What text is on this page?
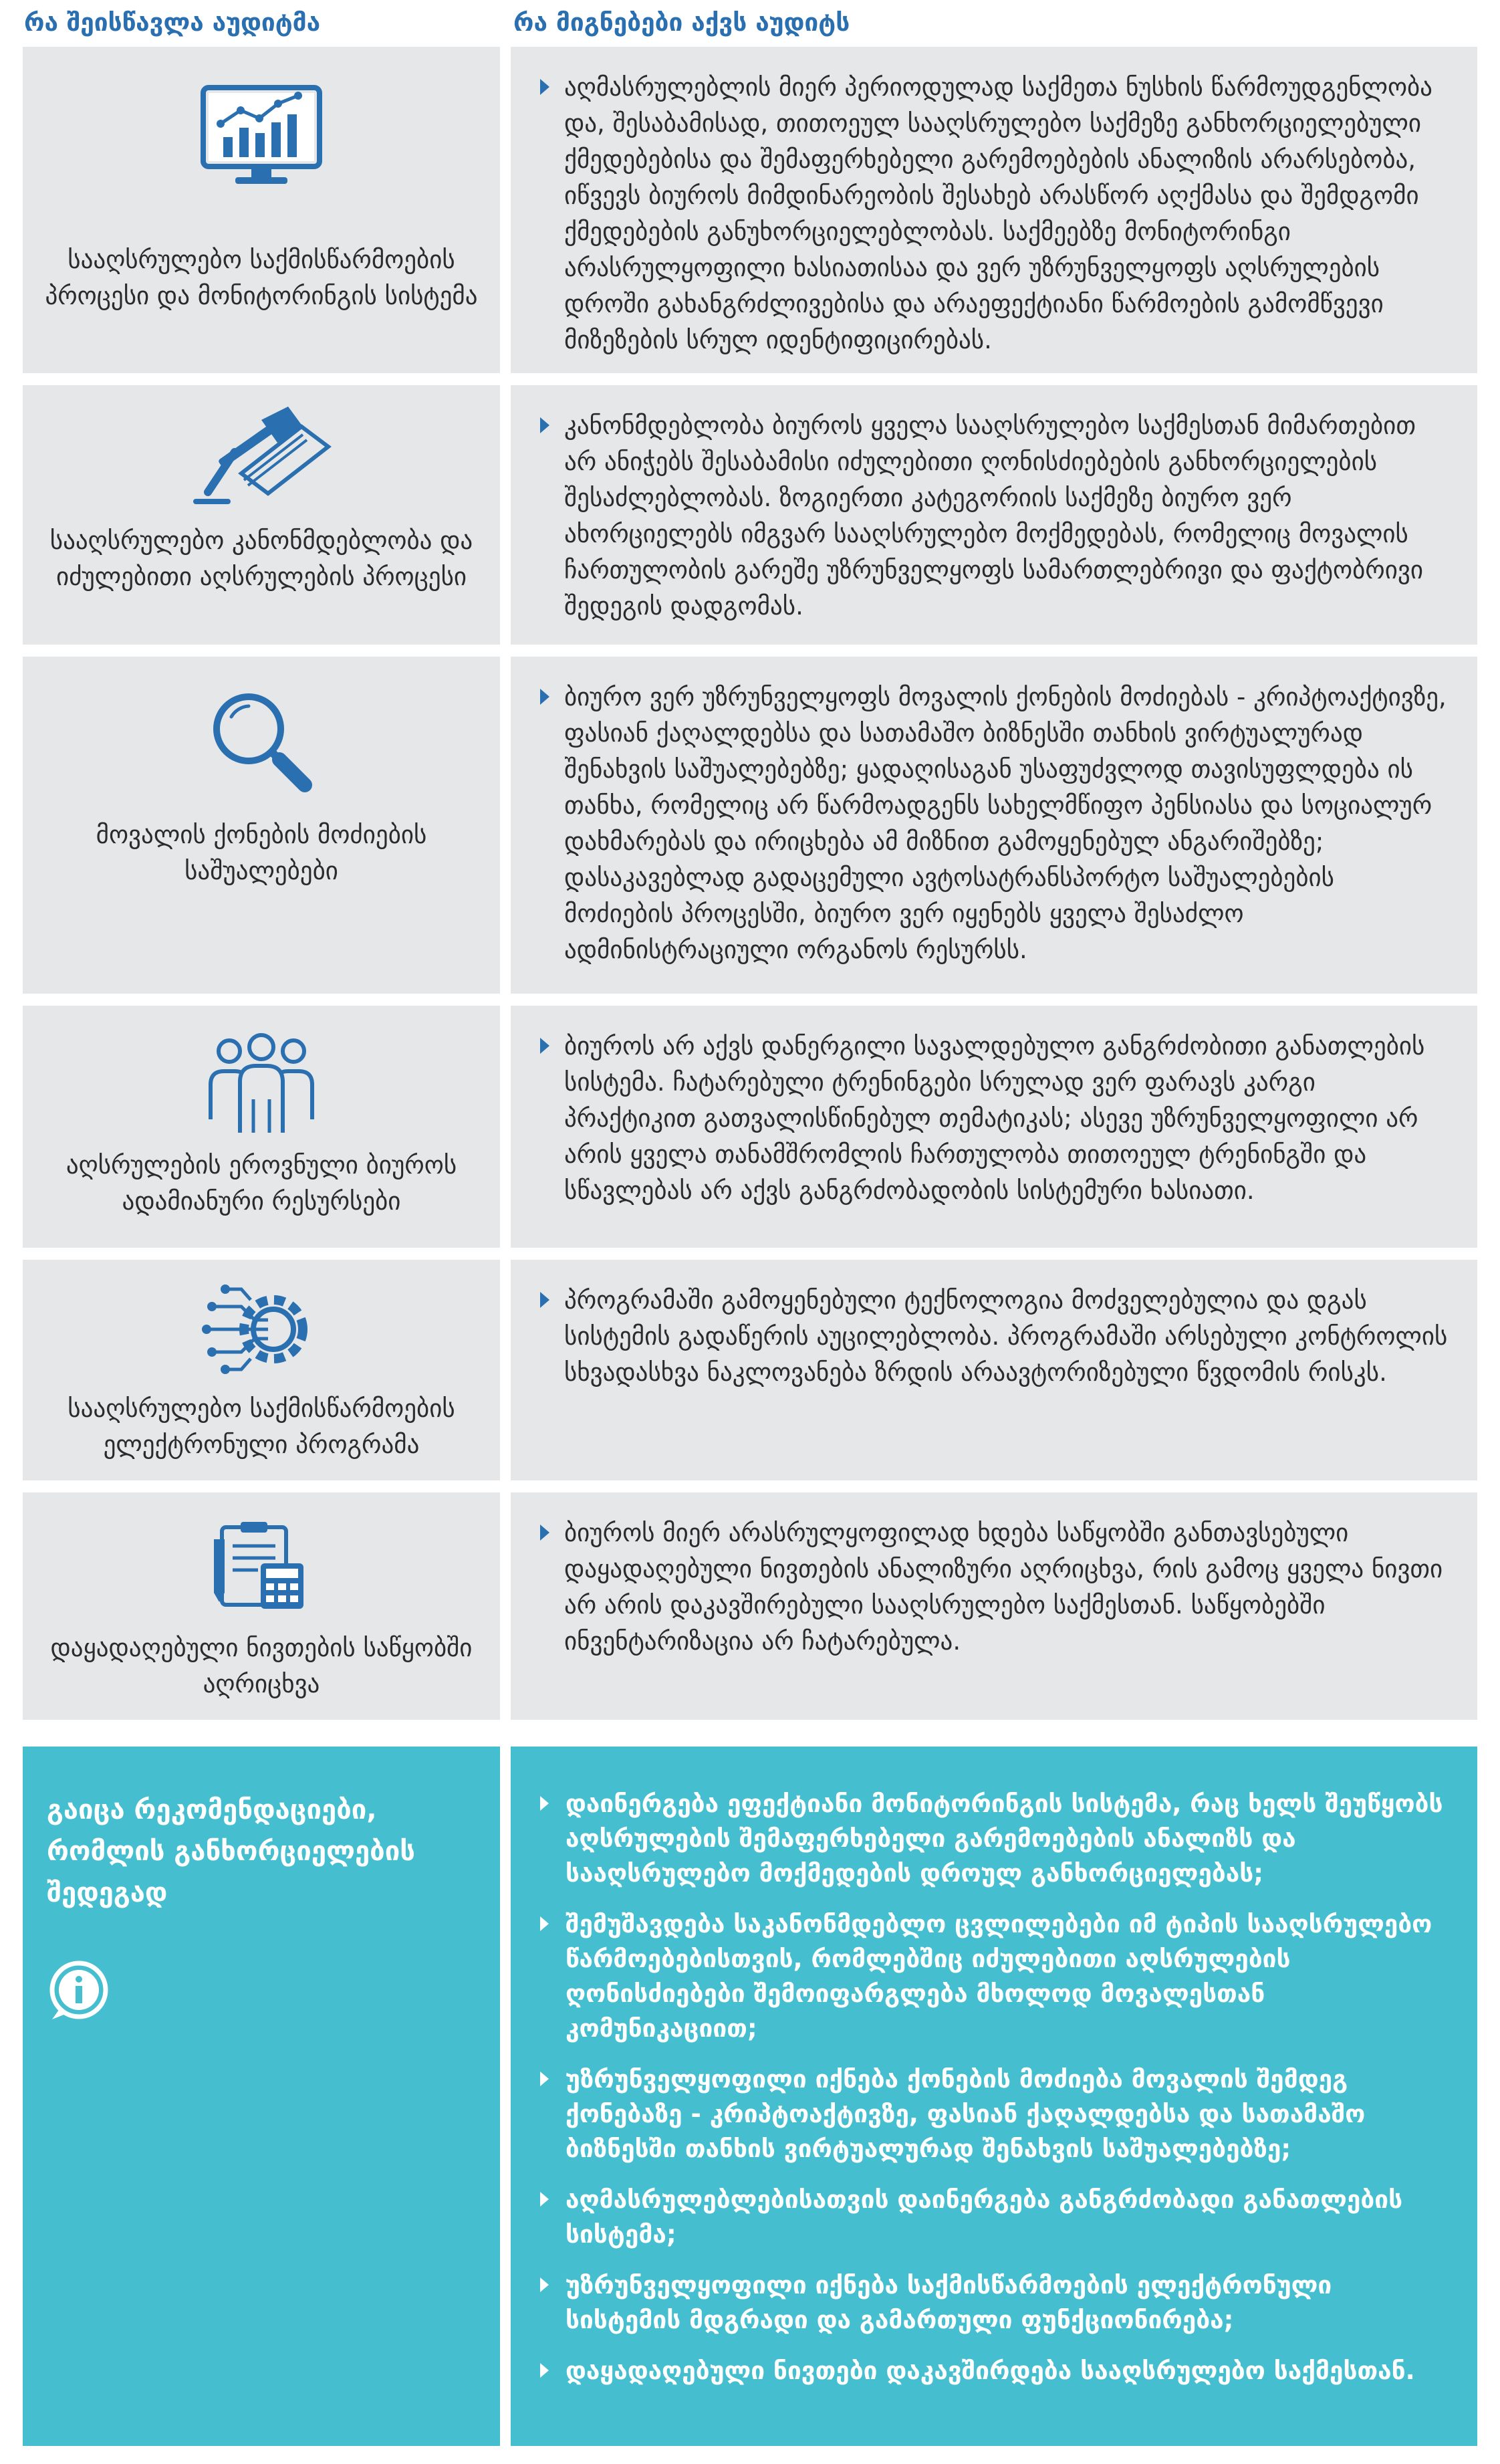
რა შეისწავლა აუდიტმა	რა მიგნებები აქვს აუდიტს
სააღსრულებო საქმისწარმოების პროცესი და მონიტორინგის სისტემა
აღმასრულებლის მიერ პერიოდულად საქმეთა ნუსხის წარმოუდგენლობა და, შესაბამისად, თითოეულ სააღსრულებო საქმეზე განხორციელებული ქმედებებისა და შემაფერხებელი გარემოებების ანალიზის არარსებობა, იწვევს ბიუროს მიმდინარეობის შესახებ არასწორ აღქმასა და შემდგომი ქმედებების განუხორციელებლობას. საქმეებზე მონიტორინგი არასრულყოფილი ხასიათისაა და ვერ უზრუნველყოფს აღსრულების დროში გახანგრძლივებისა და არაეფექტიანი წარმოების გამომწვევი მიზეზების სრულ იდენტიფიცირებას.
სააღსრულებო კანონმდებლობა და იძულებითი აღსრულების პროცესი
კანონმდებლობა ბიუროს ყველა სააღსრულებო საქმესთან მიმართებით არ ანიჭებს შესაბამისი იძულებითი ღონისძიებების განხორციელების შესაძლებლობას. ზოგიერთი კატეგორიის საქმეზე ბიურო ვერ ახორციელებს იმგვარ სააღსრულებო მოქმედებას, რომელიც მოვალის ჩართულობის გარეშე უზრუნველყოფს სამართლებრივი და ფაქტობრივი შედეგის დადგომას.
მოვალის ქონების მოძიების საშუალებები
ბიურო ვერ უზრუნველყოფს მოვალის ქონების მოძიებას - კრიპტოაქტივზე, ფასიან ქაღალდებსა და სათამაშო ბიზნესში თანხის ვირტუალურად შენახვის საშუალებებზე; ყადაღისაგან უსაფუძვლოდ თავისუფლდება ის თანხა, რომელიც არ წარმოადგენს სახელმწიფო პენსიასა და სოციალურ დახმარებას და ირიცხება ამ მიზნით გამოყენებულ ანგარიშებზე; დასაკავებლად გადაცემული ავტოსატრანსპორტო საშუალებების მოძიების პროცესში, ბიურო ვერ იყენებს ყველა შესაძლო ადმინისტრაციული ორგანოს რესურსს.
აღსრულების ეროვნული ბიუროს ადამიანური რესურსები
ბიუროს არ აქვს დანერგილი სავალდებულო განგრძობითი განათლების სისტემა. ჩატარებული ტრენინგები სრულად ვერ ფარავს კარგი პრაქტიკით გათვალისწინებულ თემატიკას; ასევე უზრუნველყოფილი არ არის ყველა თანამშრომლის ჩართულობა თითოეულ ტრენინგში და სწავლებას არ აქვს განგრძობადობის სისტემური ხასიათი.
სააღსრულებო საქმისწარმოების ელექტრონული პროგრამა
პროგრამაში გამოყენებული ტექნოლოგია მოძველებულია და დგას სისტემის გადაწერის აუცილებლობა. პროგრამაში არსებული კონტროლის სხვადასხვა ნაკლოვანება ზრდის არაავტორიზებული წვდომის რისკს.
დაყადაღებული ნივთების საწყობში აღრიცხვა
ბიუროს მიერ არასრულყოფილად ხდება საწყობში განთავსებული დაყადაღებული ნივთების ანალიზური აღრიცხვა, რის გამოც ყველა ნივთი არ არის დაკავშირებული სააღსრულებო საქმესთან. საწყობებში ინვენტარიზაცია არ ჩატარებულა.
გაიცა რეკომენდაციები, რომლის განხორციელების შედეგად
დაინერგება ეფექტიანი მონიტორინგის სისტემა, რაც ხელს შეუწყობს აღსრულების შემაფერხებელი გარემოებების ანალიზს და სააღსრულებო მოქმედების დროულ განხორციელებას;
შემუშავდება საკანონმდებლო ცვლილებები იმ ტიპის სააღსრულებო წარმოებებისთვის, რომლებშიც იძულებითი აღსრულების ღონისძიებები შემოიფარგლება მხოლოდ მოვალესთან კომუნიკაციით;
უზრუნველყოფილი იქნება ქონების მოძიება მოვალის შემდეგ ქონებაზე - კრიპტოაქტივზე, ფასიან ქაღალდებსა და სათამაშო ბიზნესში თანხის ვირტუალურად შენახვის საშუალებებზე;
აღმასრულებლებისათვის დაინერგება განგრძობადი განათლების სისტემა;
უზრუნველყოფილი იქნება საქმისწარმოების ელექტრონული სისტემის მდგრადი და გამართული ფუნქციონირება;
დაყადაღებული ნივთები დაკავშირდება სააღსრულებო საქმესთან.
